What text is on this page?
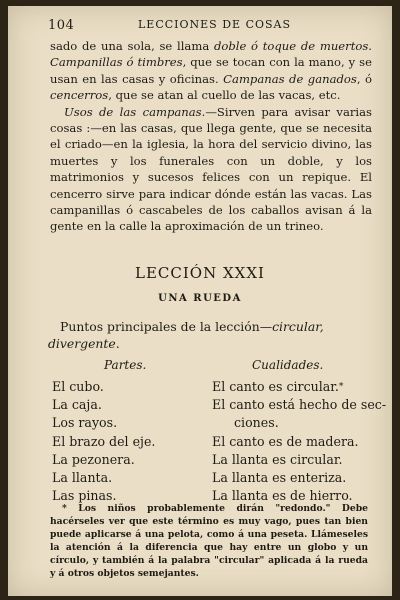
104	LECCIONES DE COSAS

sado de una sola, se llama doble ó toque de muertos. Campanillas ó timbres, que se tocan con la mano, y se usan en las casas y oficinas. Campanas de ganados, ó cencerros, que se atan al cuello de las vacas, etc.

Usos de las campanas.—Sirven para avisar varias cosas :—en las casas, que llega gente, que se necesita el criado—en la iglesia, la hora del servicio divino, las muertes y los funerales con un doble, y los matrimonios y sucesos felices con un repique. El cencerro sirve para indicar dónde están las vacas. Las campanillas ó cascabeles de los caballos avisan á la gente en la calle la aproximación de un trineo.

LECCIÓN XXXI
UNA RUEDA
Puntos principales de la lección—circular, divergente.
Partes.	Cualidades.
El cubo.
La caja.
Los rayos.
El brazo del eje.
La pezonera.
La llanta.
Las pinas.
El canto es circular.*
El canto está hecho de sec-
ciones.
El canto es de madera.
La llanta es circular.
La llanta es enteriza.
La llanta es de hierro.
* Los niños probablemente dirán "redondo." Debe hacérseles ver que este término es muy vago, pues tan bien puede aplicarse á una pelota, como á una peseta. Llámeseles la atención á la diferencia que hay entre un globo y un círculo, y también á la palabra "circular" aplicada á la rueda y á otros objetos semejantes.
